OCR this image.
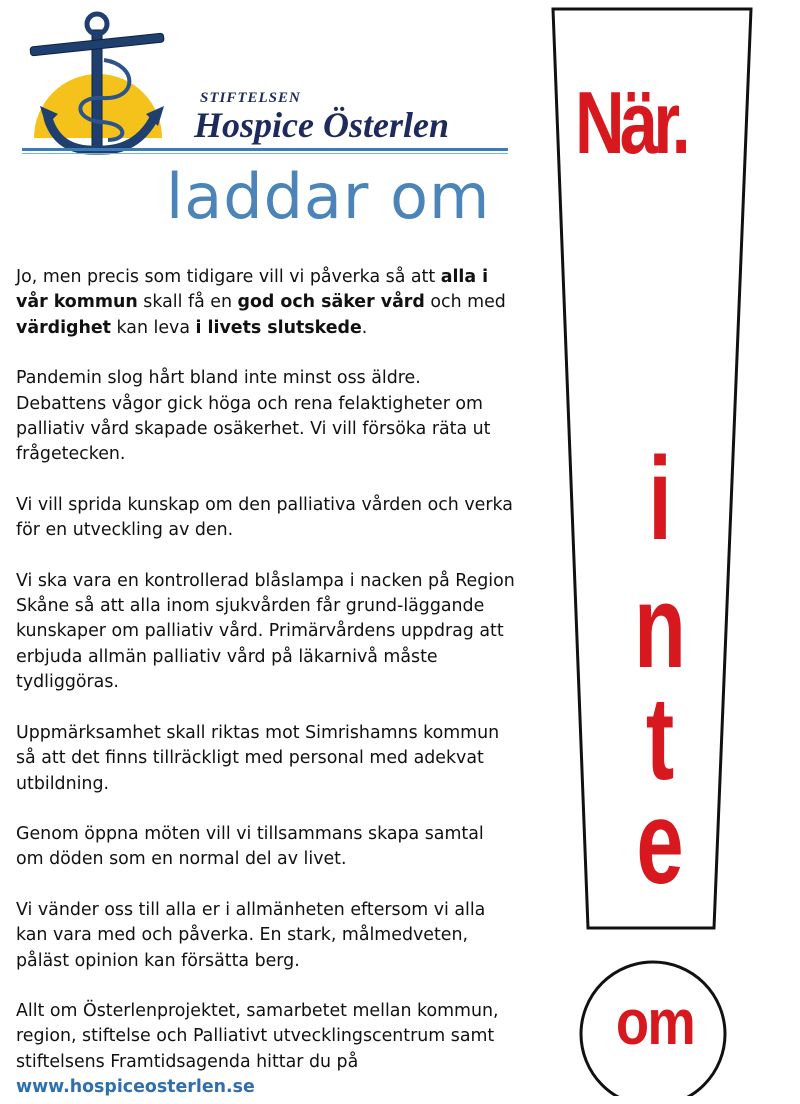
STIFTELSEN
Hospice Österlen
laddar om

Jo, men precis som tidigare vill vi påverka så att alla i vår kommun skall få en god och säker vård och med värdighet kan leva i livets slutskede.

Pandemin slog hårt bland inte minst oss äldre. Debattens vågor gick höga och rena felaktigheter om palliativ vård skapade osäkerhet. Vi vill försöka räta ut frågetecken.

Vi vill sprida kunskap om den palliativa vården och verka för en utveckling av den.

Vi ska vara en kontrollerad blåslampa i nacken på Region Skåne så att alla inom sjukvården får grund-läggande kunskaper om palliativ vård. Primärvårdens uppdrag att erbjuda allmän palliativ vård på läkarnivå måste tydliggöras.

Uppmärksamhet skall riktas mot Simrishamns kommun så att det finns tillräckligt med personal med adekvat utbildning.

Genom öppna möten vill vi tillsammans skapa samtal om döden som en normal del av livet.

Vi vänder oss till alla er i allmänheten eftersom vi alla kan vara med och påverka. En stark, målmedveten, påläst opinion kan försätta berg.

Allt om Österlenprojektet, samarbetet mellan kommun, region, stiftelse och Palliativt utvecklingscentrum samt stiftelsens Framtidsagenda hittar du på

www.hospiceosterlen.se
När.
i
n
t
e
om
